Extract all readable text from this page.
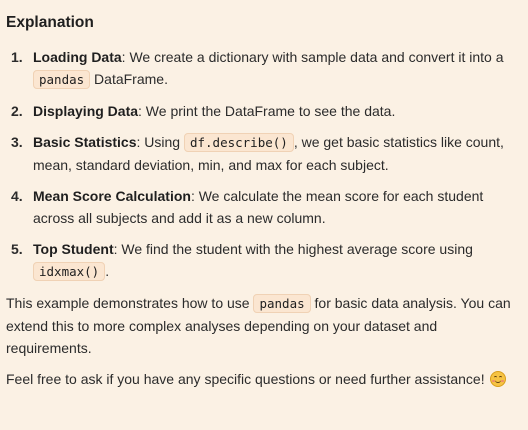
Explanation
1. Loading Data: We create a dictionary with sample data and convert it into a pandas DataFrame.
2. Displaying Data: We print the DataFrame to see the data.
3. Basic Statistics: Using df.describe() , we get basic statistics like count, mean, standard deviation, min, and max for each subject.
4. Mean Score Calculation: We calculate the mean score for each student across all subjects and add it as a new column.
5. Top Student: We find the student with the highest average score using idxmax() .

This example demonstrates how to use pandas for basic data analysis. You can extend this to more complex analyses depending on your dataset and requirements.

Feel free to ask if you have any specific questions or need further assistance!
